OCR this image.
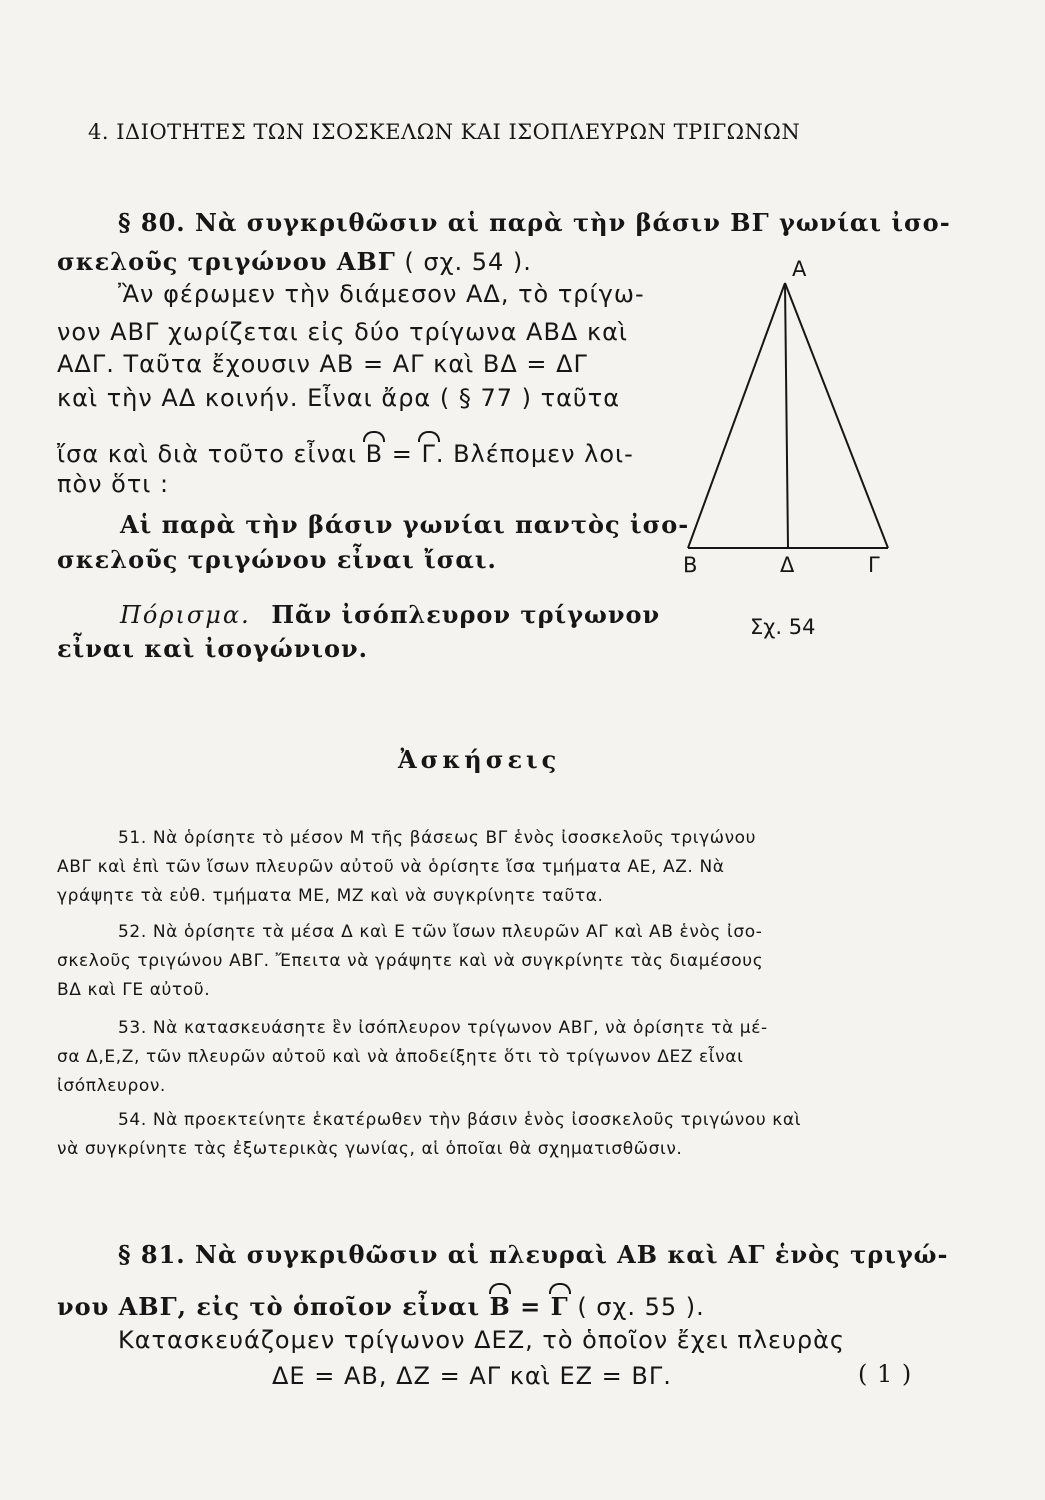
4. ΙΔΙΟΤΗΤΕΣ ΤΩΝ ΙΣΟΣΚΕΛΩΝ ΚΑΙ ΙΣΟΠΛΕΥΡΩΝ ΤΡΙΓΩΝΩΝ
§ 80. Νὰ συγκριθῶσιν αἱ παρὰ τὴν βάσιν ΒΓ γωνίαι ἰσο-
σκελοῦς τριγώνου ΑΒΓ ( σχ. 54 ).
Ἂν φέρωμεν τὴν διάμεσον ΑΔ, τὸ τρίγω-
νον ΑΒΓ χωρίζεται εἰς δύο τρίγωνα ΑΒΔ καὶ
ΑΔΓ. Ταῦτα ἔχουσιν ΑΒ = ΑΓ καὶ ΒΔ = ΔΓ
καὶ τὴν ΑΔ κοινήν. Εἶναι ἄρα ( § 77 ) ταῦτα
ἴσα καὶ διὰ τοῦτο εἶναι Β = Γ. Βλέπομεν λοι-
πὸν ὅτι :
Αἱ παρὰ τὴν βάσιν γωνίαι παντὸς ἰσο-
σκελοῦς τριγώνου εἶναι ἴσαι.
Πόρισμα. Πᾶν ἰσόπλευρον τρίγωνον
εἶναι καὶ ἰσογώνιον.
Α
Β	Δ	Γ
Σχ. 54
Ἀσκήσεις
51. Νὰ ὁρίσητε τὸ μέσον Μ τῆς βάσεως ΒΓ ἑνὸς ἰσοσκελοῦς τριγώνου
ΑΒΓ καὶ ἐπὶ τῶν ἴσων πλευρῶν αὐτοῦ νὰ ὁρίσητε ἴσα τμήματα ΑΕ, ΑΖ. Νὰ
γράψητε τὰ εὐθ. τμήματα ΜΕ, ΜΖ καὶ νὰ συγκρίνητε ταῦτα.
52. Νὰ ὁρίσητε τὰ μέσα Δ καὶ Ε τῶν ἴσων πλευρῶν ΑΓ καὶ ΑΒ ἑνὸς ἰσο-
σκελοῦς τριγώνου ΑΒΓ. Ἔπειτα νὰ γράψητε καὶ νὰ συγκρίνητε τὰς διαμέσους
ΒΔ καὶ ΓΕ αὐτοῦ.
53. Νὰ κατασκευάσητε ἓν ἰσόπλευρον τρίγωνον ΑΒΓ, νὰ ὁρίσητε τὰ μέ-
σα Δ,Ε,Ζ, τῶν πλευρῶν αὐτοῦ καὶ νὰ ἀποδείξητε ὅτι τὸ τρίγωνον ΔΕΖ εἶναι
ἰσόπλευρον.
54. Νὰ προεκτείνητε ἑκατέρωθεν τὴν βάσιν ἑνὸς ἰσοσκελοῦς τριγώνου καὶ
νὰ συγκρίνητε τὰς ἐξωτερικὰς γωνίας, αἱ ὁποῖαι θὰ σχηματισθῶσιν.
§ 81. Νὰ συγκριθῶσιν αἱ πλευραὶ ΑΒ καὶ ΑΓ ἑνὸς τριγώ-
νου ΑΒΓ, εἰς τὸ ὁποῖον εἶναι Β = Γ ( σχ. 55 ).
Κατασκευάζομεν τρίγωνον ΔΕΖ, τὸ ὁποῖον ἔχει πλευρὰς
ΔΕ = ΑΒ, ΔΖ = ΑΓ καὶ ΕΖ = ΒΓ.	( 1 )
